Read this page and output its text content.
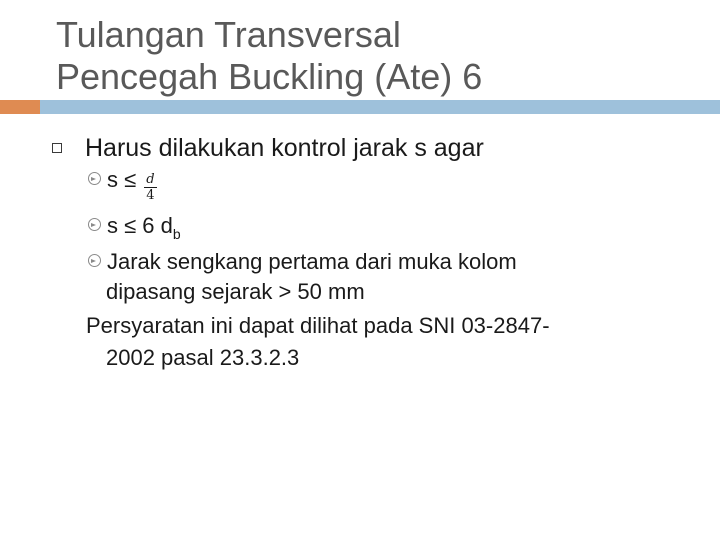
Tulangan Transversal
Pencegah Buckling (Ate) 6
Harus dilakukan kontrol jarak s agar
$s \le \frac{d}{4}$
s ≤ 6 $d_b$
Jarak sengkang pertama dari muka kolom
dipasang sejarak > 50 mm
Persyaratan ini dapat dilihat pada SNI 03-2847-
2002 pasal 23.3.2.3
